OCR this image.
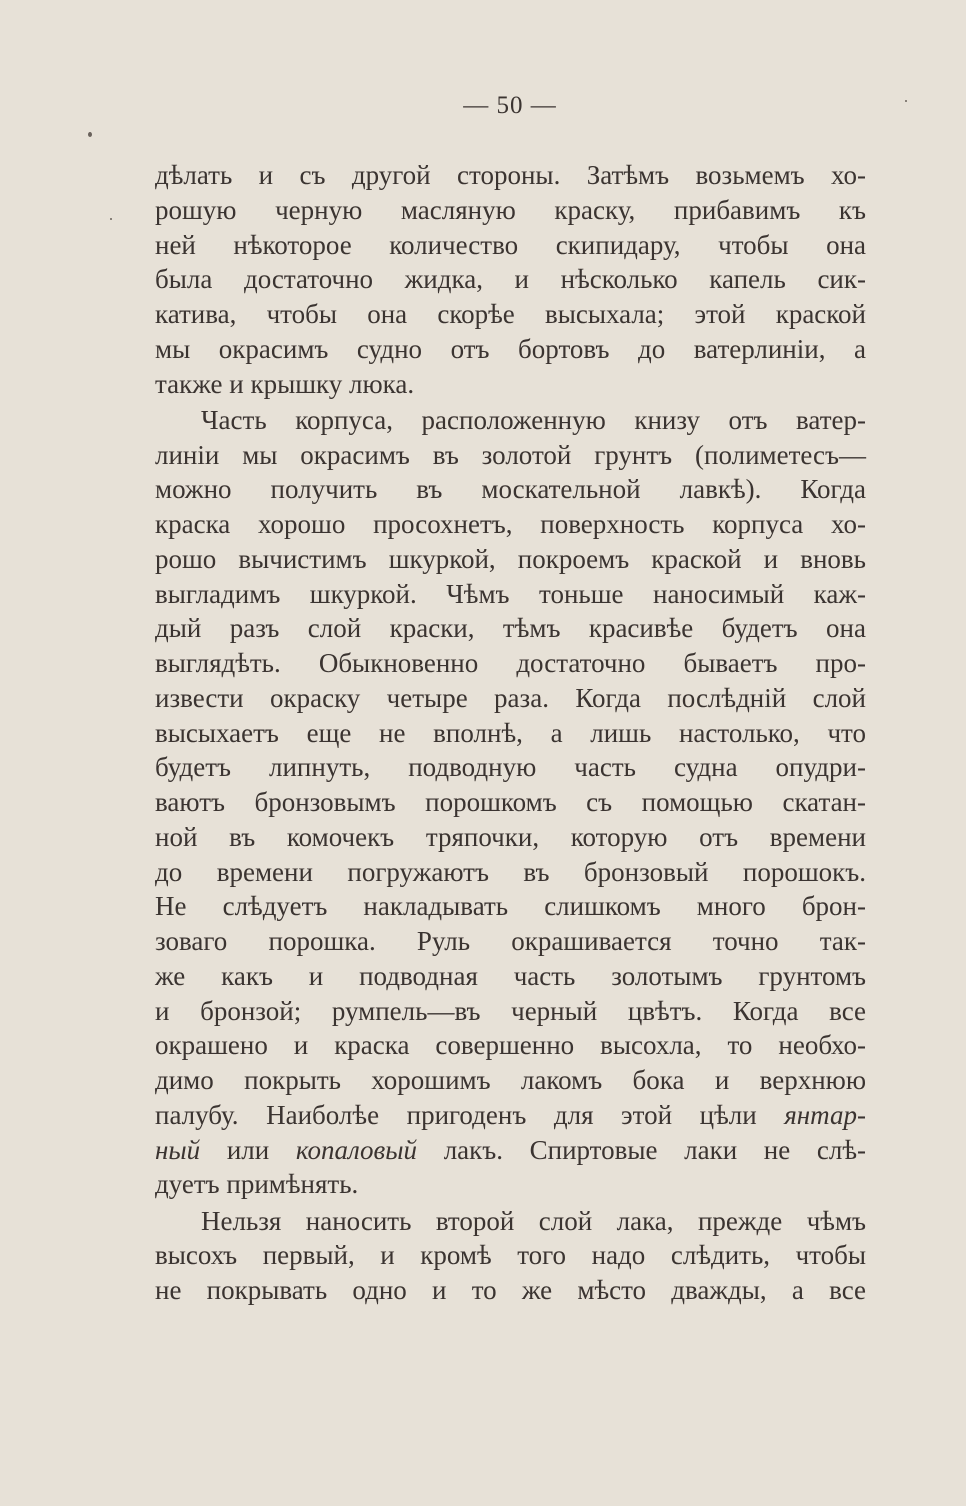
— 50 —
дѣлать и съ другой стороны. Затѣмъ возьмемъ хо-
рошую черную масляную краску, прибавимъ къ
ней нѣкоторое количество скипидару, чтобы она
была достаточно жидка, и нѣсколько капель сик-
катива, чтобы она скорѣе высыхала; этой краской
мы окрасимъ судно отъ бортовъ до ватерлиніи, а
также и крышку люка.
Часть корпуса, расположенную книзу отъ ватер-
линіи мы окрасимъ въ золотой грунтъ (полиметесъ—
можно получить въ москательной лавкѣ). Когда
краска хорошо просохнетъ, поверхность корпуса хо-
рошо вычистимъ шкуркой, покроемъ краской и вновь
выгладимъ шкуркой. Чѣмъ тоньше наносимый каж-
дый разъ слой краски, тѣмъ красивѣе будетъ она
выглядѣть. Обыкновенно достаточно бываетъ про-
извести окраску четыре раза. Когда послѣдній слой
высыхаетъ еще не вполнѣ, а лишь настолько, что
будетъ липнуть, подводную часть судна опудри-
ваютъ бронзовымъ порошкомъ съ помощью скатан-
ной въ комочекъ тряпочки, которую отъ времени
до времени погружаютъ въ бронзовый порошокъ.
Не слѣдуетъ накладывать слишкомъ много брон-
зоваго порошка. Руль окрашивается точно так-
же какъ и подводная часть золотымъ грунтомъ
и бронзой; румпель—въ черный цвѣтъ. Когда все
окрашено и краска совершенно высохла, то необхо-
димо покрыть хорошимъ лакомъ бока и верхнюю
палубу. Наиболѣе пригоденъ для этой цѣли янтар-
ный или копаловый лакъ. Спиртовые лаки не слѣ-
дуетъ примѣнять.
Нельзя наносить второй слой лака, прежде чѣмъ
высохъ первый, и кромѣ того надо слѣдить, чтобы
не покрывать одно и то же мѣсто дважды, а все
